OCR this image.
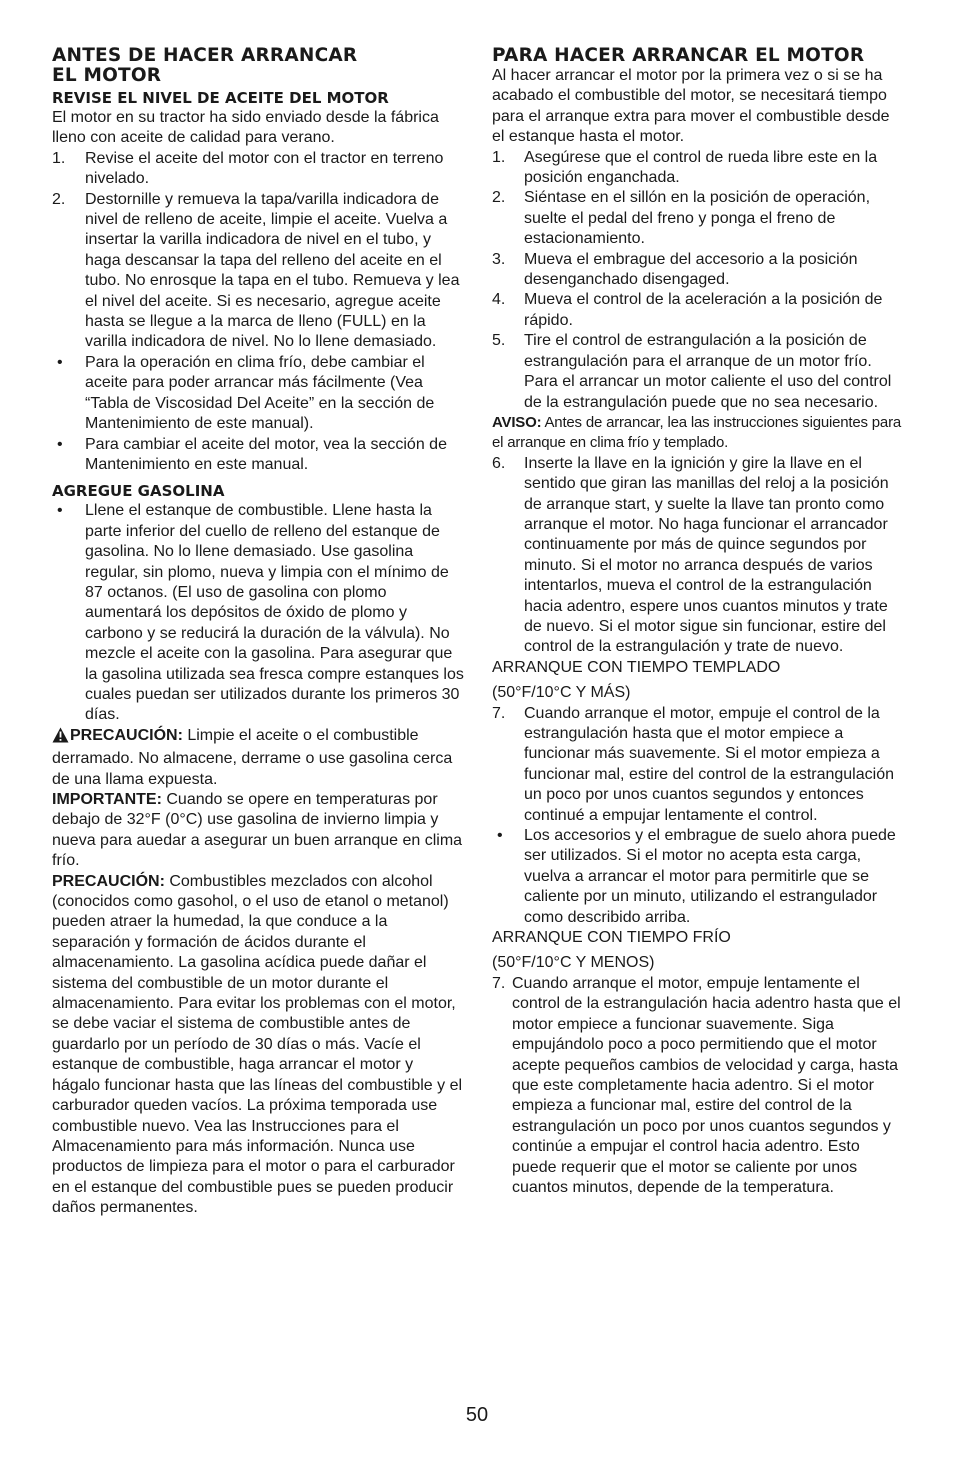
ANTES DE HACER ARRANCAR
EL MOTOR
REVISE EL NIVEL DE ACEITE DEL MOTOR

El motor en su tractor ha sido enviado desde la fábrica lleno con aceite de calidad para verano.

1. Revise el aceite del motor con el tractor en terreno nivelado.
2. Destornille y remueva la tapa/varilla indicadora de nivel de relleno de aceite, limpie el aceite. Vuelva a insertar la varilla indicadora de nivel en el tubo, y haga descansar la tapa del relleno del aceite en el tubo. No enrosque la tapa en el tubo. Remueva y lea el nivel del aceite. Si es necesario, agregue aceite hasta se llegue a la marca de lleno (FULL) en la varilla indicadora de nivel. No lo llene demasiado.
• Para la operación en clima frío, debe cambiar el aceite para poder arrancar más fácilmente (Vea “Tabla de Viscosidad Del Aceite” en la sección de Mantenimiento de este manual).
• Para cambiar el aceite del motor, vea la sección de Mantenimiento en este manual.
AGREGUE GASOLINA
• Llene el estanque de combustible. Llene hasta la parte inferior del cuello de relleno del estanque de gasolina. No lo llene demasiado. Use gasolina regular, sin plomo, nueva y limpia con el mínimo de 87 octanos. (El uso de gasolina con plomo aumentará los depósitos de óxido de plomo y carbono y se reducirá la duración de la válvula). No mezcle el aceite con la gasolina. Para asegurar que la gasolina utilizada sea fresca compre estanques los cuales puedan ser utilizados durante los primeros 30 días.

PRECAUCIÓN: Limpie el aceite o el combustible derramado. No almacene, derrame o use gasolina cerca de una llama expuesta.

IMPORTANTE: Cuando se opere en temperaturas por debajo de 32°F (0°C) use gasolina de invierno limpia y nueva para auedar a asegurar un buen arranque en clima frío.

PRECAUCIÓN: Combustibles mezclados con alcohol (conocidos como gasohol, o el uso de etanol o metanol) pueden atraer la humedad, la que conduce a la separación y formación de ácidos durante el almacenamiento. La gasolina acídica puede dañar el sistema del combustible de un motor durante el almacenamiento. Para evitar los problemas con el motor, se debe vaciar el sistema de combustible antes de guardarlo por un período de 30 días o más. Vacíe el estanque de combustible, haga arrancar el motor y hágalo funcionar hasta que las líneas del combustible y el carburador queden vacíos. La próxima temporada use combustible nuevo. Vea las Instrucciones para el Almacenamiento para más información. Nunca use productos de limpieza para el motor o para el carburador en el estanque del combustible pues se pueden producir daños permanentes.

PARA HACER ARRANCAR EL MOTOR

Al hacer arrancar el motor por la primera vez o si se ha acabado el combustible del motor, se necesitará tiempo para el arranque extra para mover el combustible desde el estanque hasta el motor.

1. Asegúrese que el control de rueda libre este en la posición enganchada.
2. Siéntase en el sillón en la posición de operación, suelte el pedal del freno y ponga el freno de estacionamiento.
3. Mueva el embrague del accesorio a la posición desenganchado disengaged.
4. Mueva el control de la aceleración a la posición de rápido.
5. Tire el control de estrangulación a la posición de estrangulación para el arranque de un motor frío. Para el arrancar un motor caliente el uso del control de la estrangulación puede que no sea necesario.

AVISO: Antes de arrancar, lea las instrucciones siguientes para el arranque en clima frío y templado.

6. Inserte la llave en la ignición y gire la llave en el sentido que giran las manillas del reloj a la posición de arranque start, y suelte la llave tan pronto como arranque el motor. No haga funcionar el arrancador continuamente por más de quince segundos por minuto. Si el motor no arranca después de varios intentarlos, mueva el control de la estrangulación hacia adentro, espere unos cuantos minutos y trate de nuevo. Si el motor sigue sin funcionar, estire del control de la estrangulación y trate de nuevo.

ARRANQUE CON TIEMPO TEMPLADO

(50°F/10°C Y MÁS)

7. Cuando arranque el motor, empuje el control de la estrangulación hasta que el motor empiece a funcionar más suavemente. Si el motor empieza a funcionar mal, estire del control de la estrangulación un poco por unos cuantos segundos y entonces continué a empujar lentamente el control.
• Los accesorios y el embrague de suelo ahora puede ser utilizados. Si el motor no acepta esta carga, vuelva a arrancar el motor para permitirle que se caliente por un minuto, utilizando el estrangulador como describido arriba.

ARRANQUE CON TIEMPO FRÍO

(50°F/10°C Y MENOS)

7. Cuando arranque el motor, empuje lentamente el control de la estrangulación hacia adentro hasta que el motor empiece a funcionar suavemente. Siga empujándolo poco a poco permitiendo que el motor acepte pequeños cambios de velocidad y carga, hasta que este completamente hacia adentro. Si el motor empieza a funcionar mal, estire del control de la estrangulación un poco por unos cuantos segundos y continúe a empujar el control hacia adentro. Esto puede requerir que el motor se caliente por unos cuantos minutos, depende de la temperatura.
50
